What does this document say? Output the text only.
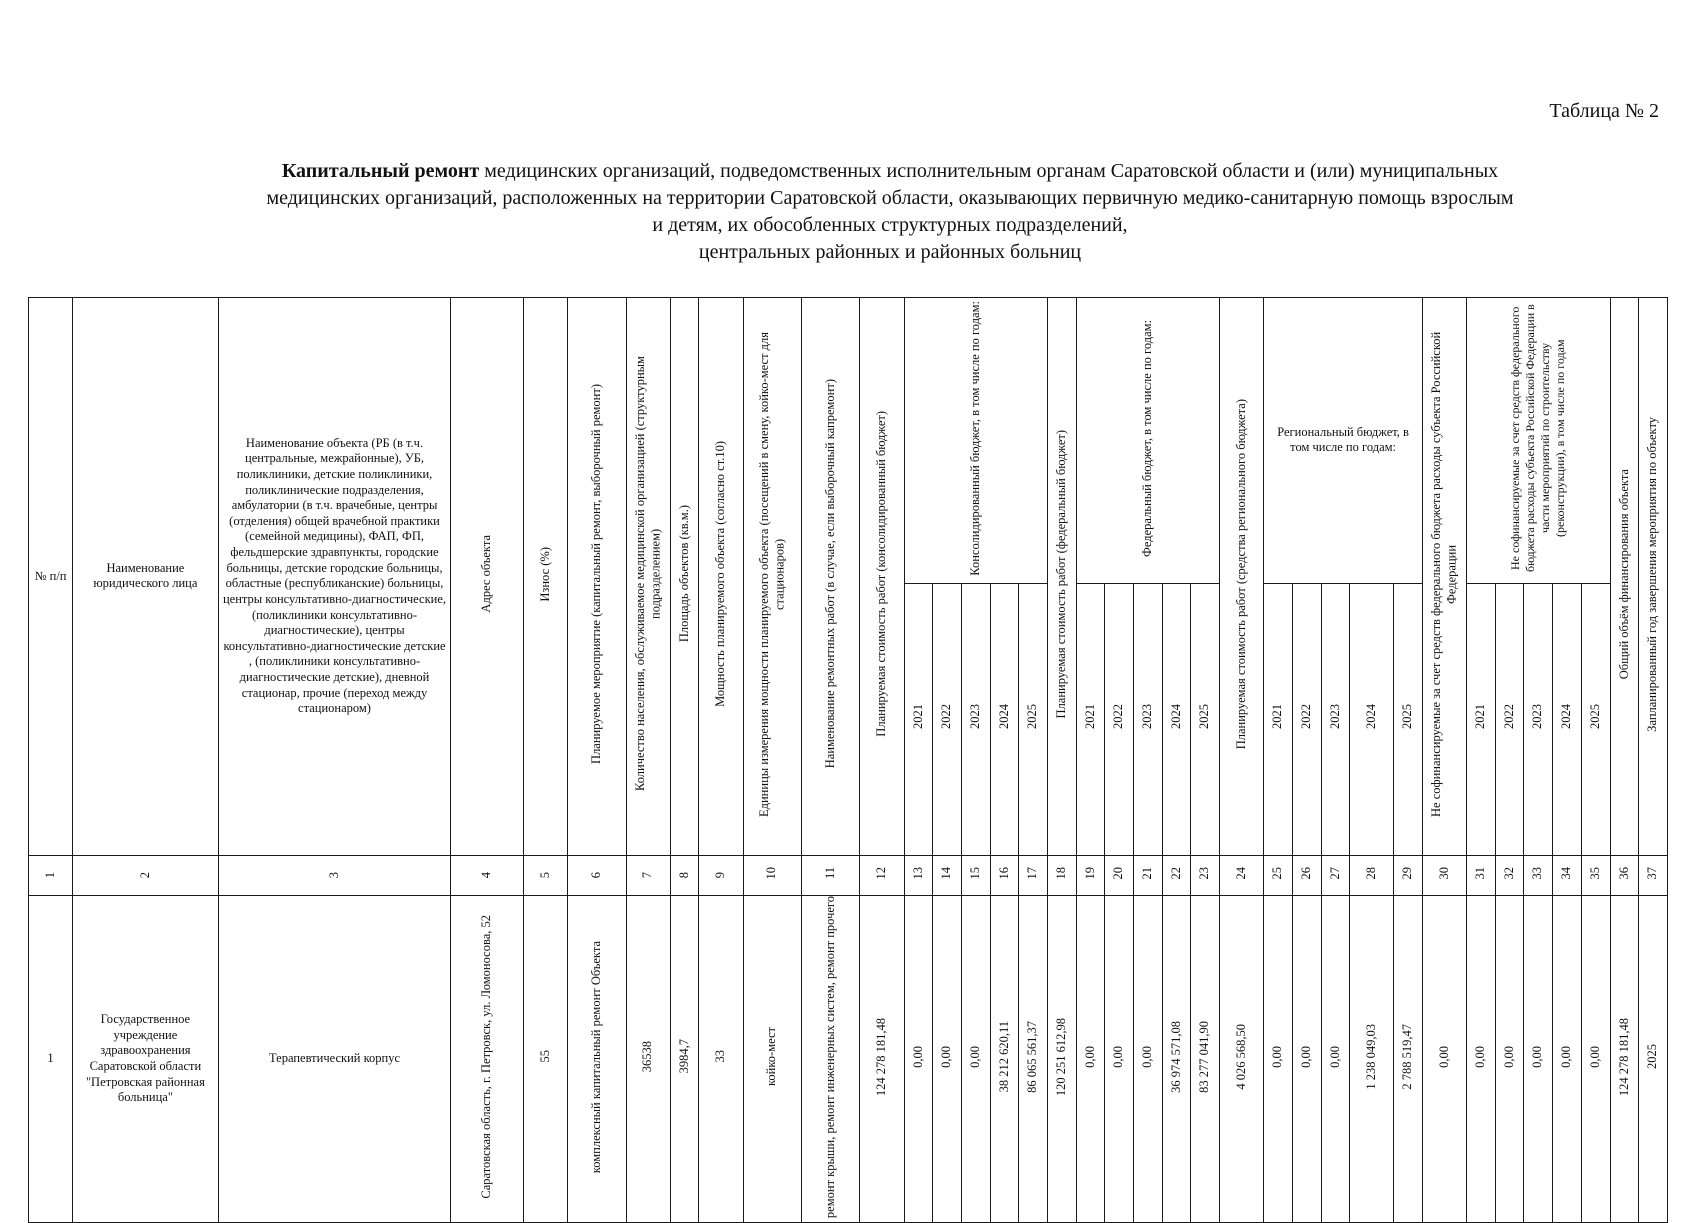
Таблица № 2
Капитальный ремонт медицинских организаций, подведомственных исполнительным органам Саратовской области и (или) муниципальных
медицинских организаций, расположенных на территории Саратовской области, оказывающих первичную медико-санитарную помощь взрослым
и детям, их обособленных структурных подразделений,
центральных районных и районных больниц
№ п/п	Наименование юридического лица	Наименование объекта (РБ (в т.ч. центральные, межрайонные), УБ, поликлиники, детские поликлиники, поликлинические подразделения, амбулатории (в т.ч. врачебные, центры (отделения) общей врачебной практики (семейной медицины), ФАП, ФП, фельдшерские здравпункты, городские больницы, детские городские больницы, областные (республиканские) больницы, центры консультативно-диагностические, (поликлиники консультативно-диагностические), центры консультативно-диагностические детские , (поликлиники консультативно-диагностические детские), дневной стационар, прочие (переход между стационаром)	Адрес объекта	Износ (%)	Планируемое мероприятие (капитальный ремонт, выборочный ремонт)	Количество населения, обслуживаемое медицинской организацией (структурным подразделением)	Площадь объектов (кв.м.)	Мощность планируемого объекта (согласно ст.10)	Единицы измерения мощности планируемого объекта (посещений в смену, койко-мест для стационаров)	Наименование ремонтных работ (в случае, если выборочный капремонт)	Планируемая стоимость работ (консолидированный бюджет)	Консолидированный бюджет, в том числе по годам:					Планируемая стоимость работ (федеральный бюджет)	Федеральный бюджет, в том числе по годам:					Планируемая стоимость работ (средства регионального бюджета)	Региональный бюджет, в том числе по годам:					Не софинансируемые за счет средств федерального бюджета расходы субъекта Российской Федерации	Не софинансируемые за счет средств федерального бюджета расходы субъекта Российской Федерации в части мероприятий по строительству (реконструкции), в том числе по годам					Общий объём финансирования объекта	Запланированный год завершения мероприятия по объекту
												2021	2022	2023	2024	2025		2021	2022	2023	2024	2025		2021	2022	2023	2024	2025		2021	2022	2023	2024	2025		
1	2	3	4	5	6	7	8	9	10	11	12	13	14	15	16	17	18	19	20	21	22	23	24	25	26	27	28	29	30	31	32	33	34	35	36	37

1	Государственное учреждение здравоохранения Саратовской области "Петровская районная больница"	Терапевтический корпус	Саратовская область, г. Петровск, ул. Ломоносова, 52	55	комплексный капитальный ремонт Объекта	36538	3984,7	33	койко-мест	ремонт крыши, ремонт инженерных систем, ремонт прочего	124 278 181,48	0,00	0,00	0,00	38 212 620,11	86 065 561,37	120 251 612,98	0,00	0,00	0,00	36 974 571,08	83 277 041,90	4 026 568,50	0,00	0,00	0,00	1 238 049,03	2 788 519,47	0,00	0,00	0,00	0,00	0,00	0,00	124 278 181,48	2025
